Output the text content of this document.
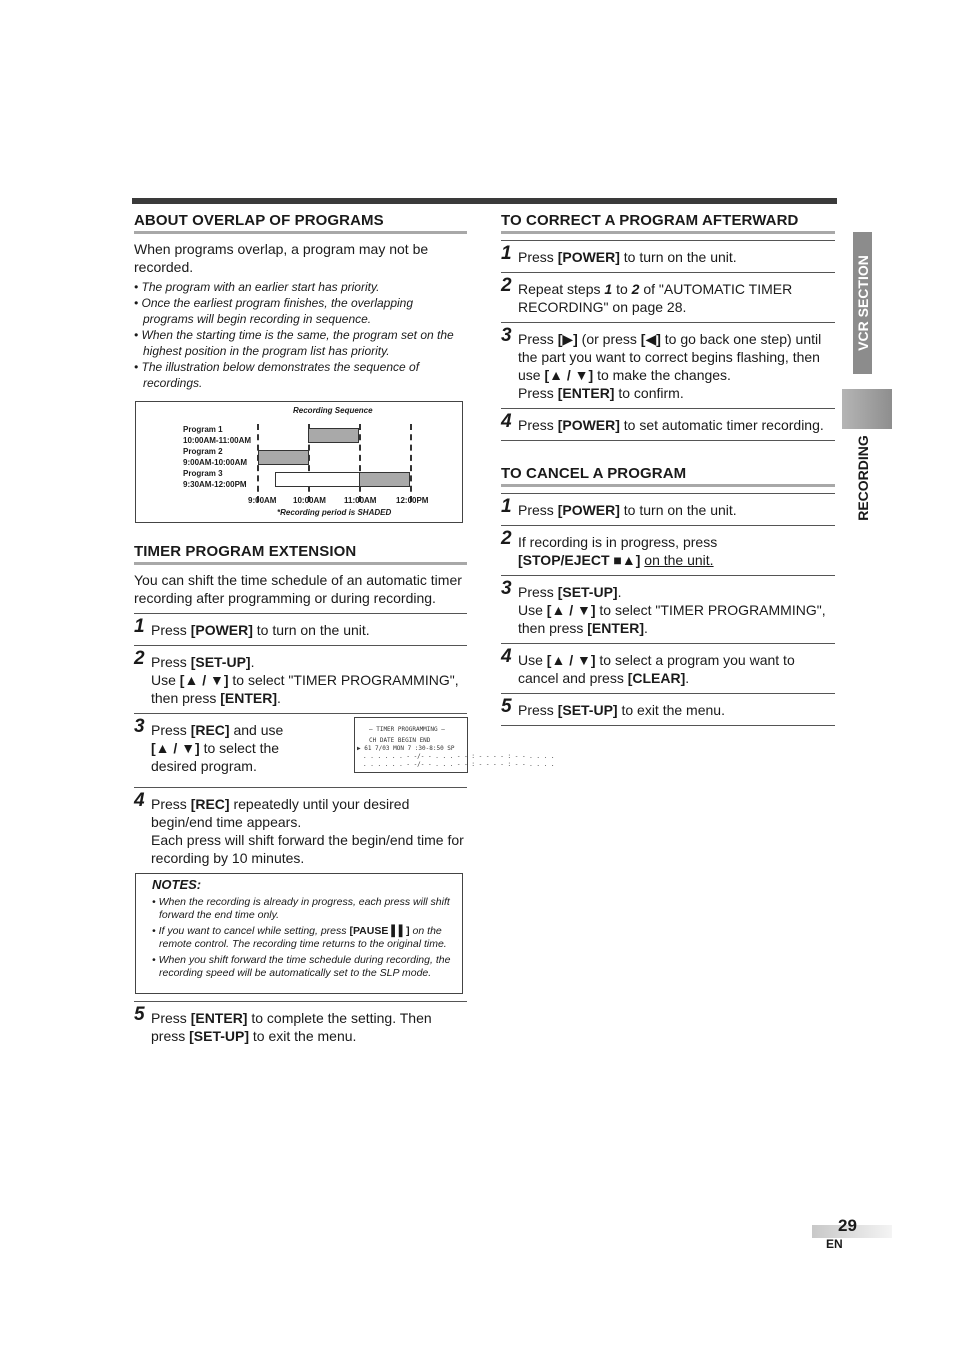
ABOUT OVERLAP OF PROGRAMS

When programs overlap, a program may not be recorded.

• The program with an earlier start has priority.
• Once the earliest program finishes, the overlapping programs will begin recording in sequence.
• When the starting time is the same, the program set on the highest position in the program list has priority.
• The illustration below demonstrates the sequence of recordings.
Recording Sequence
Program 1
10:00AM-11:00AM
Program 2
9:00AM-10:00AM
Program 3
9:30AM-12:00PM
9:00AM 10:00AM 11:00AM 12:00PM
*Recording period is SHADED
TIMER PROGRAM EXTENSION

You can shift the time schedule of an automatic timer recording after programming or during recording.

1 Press [POWER] to turn on the unit.
2 Press [SET-UP].
Use [▲ / ▼] to select "TIMER PROGRAMMING", then press [ENTER].
3 Press [REC] and use [▲ / ▼] to select the desired program.
– TIMER PROGRAMMING –
CH DATE BEGIN END
▶ 61 7/03 MON 7 :30-8:50 SP
. . . . . . - -/- - . . . - - : - - - - : - - . . . .
. . . . . . - -/- - . . . - - : - - - - : - - . . . .
4 Press [REC] repeatedly until your desired begin/end time appears.
Each press will shift forward the begin/end time for recording by 10 minutes.
NOTES:
• When the recording is already in progress, each press will shift forward the end time only.
• If you want to cancel while setting, press [PAUSE ▌▌] on the remote control. The recording time returns to the original time.
• When you shift forward the time schedule during recording, the recording speed will be automatically set to the SLP mode.
5 Press [ENTER] to complete the setting. Then press [SET-UP] to exit the menu.
TO CORRECT A PROGRAM AFTERWARD
1 Press [POWER] to turn on the unit.
2 Repeat steps 1 to 2 of "AUTOMATIC TIMER RECORDING" on page 28.
3 Press [▶] (or press [◀] to go back one step) until the part you want to correct begins flashing, then use [▲ / ▼] to make the changes.
Press [ENTER] to confirm.
4 Press [POWER] to set automatic timer recording.
TO CANCEL A PROGRAM
1 Press [POWER] to turn on the unit.
2 If recording is in progress, press
[STOP/EJECT ■▲] on the unit.
3 Press [SET-UP].
Use [▲ / ▼] to select "TIMER PROGRAMMING", then press [ENTER].
4 Use [▲ / ▼] to select a program you want to cancel and press [CLEAR].
5 Press [SET-UP] to exit the menu.
VCR SECTION
RECORDING
29
EN
